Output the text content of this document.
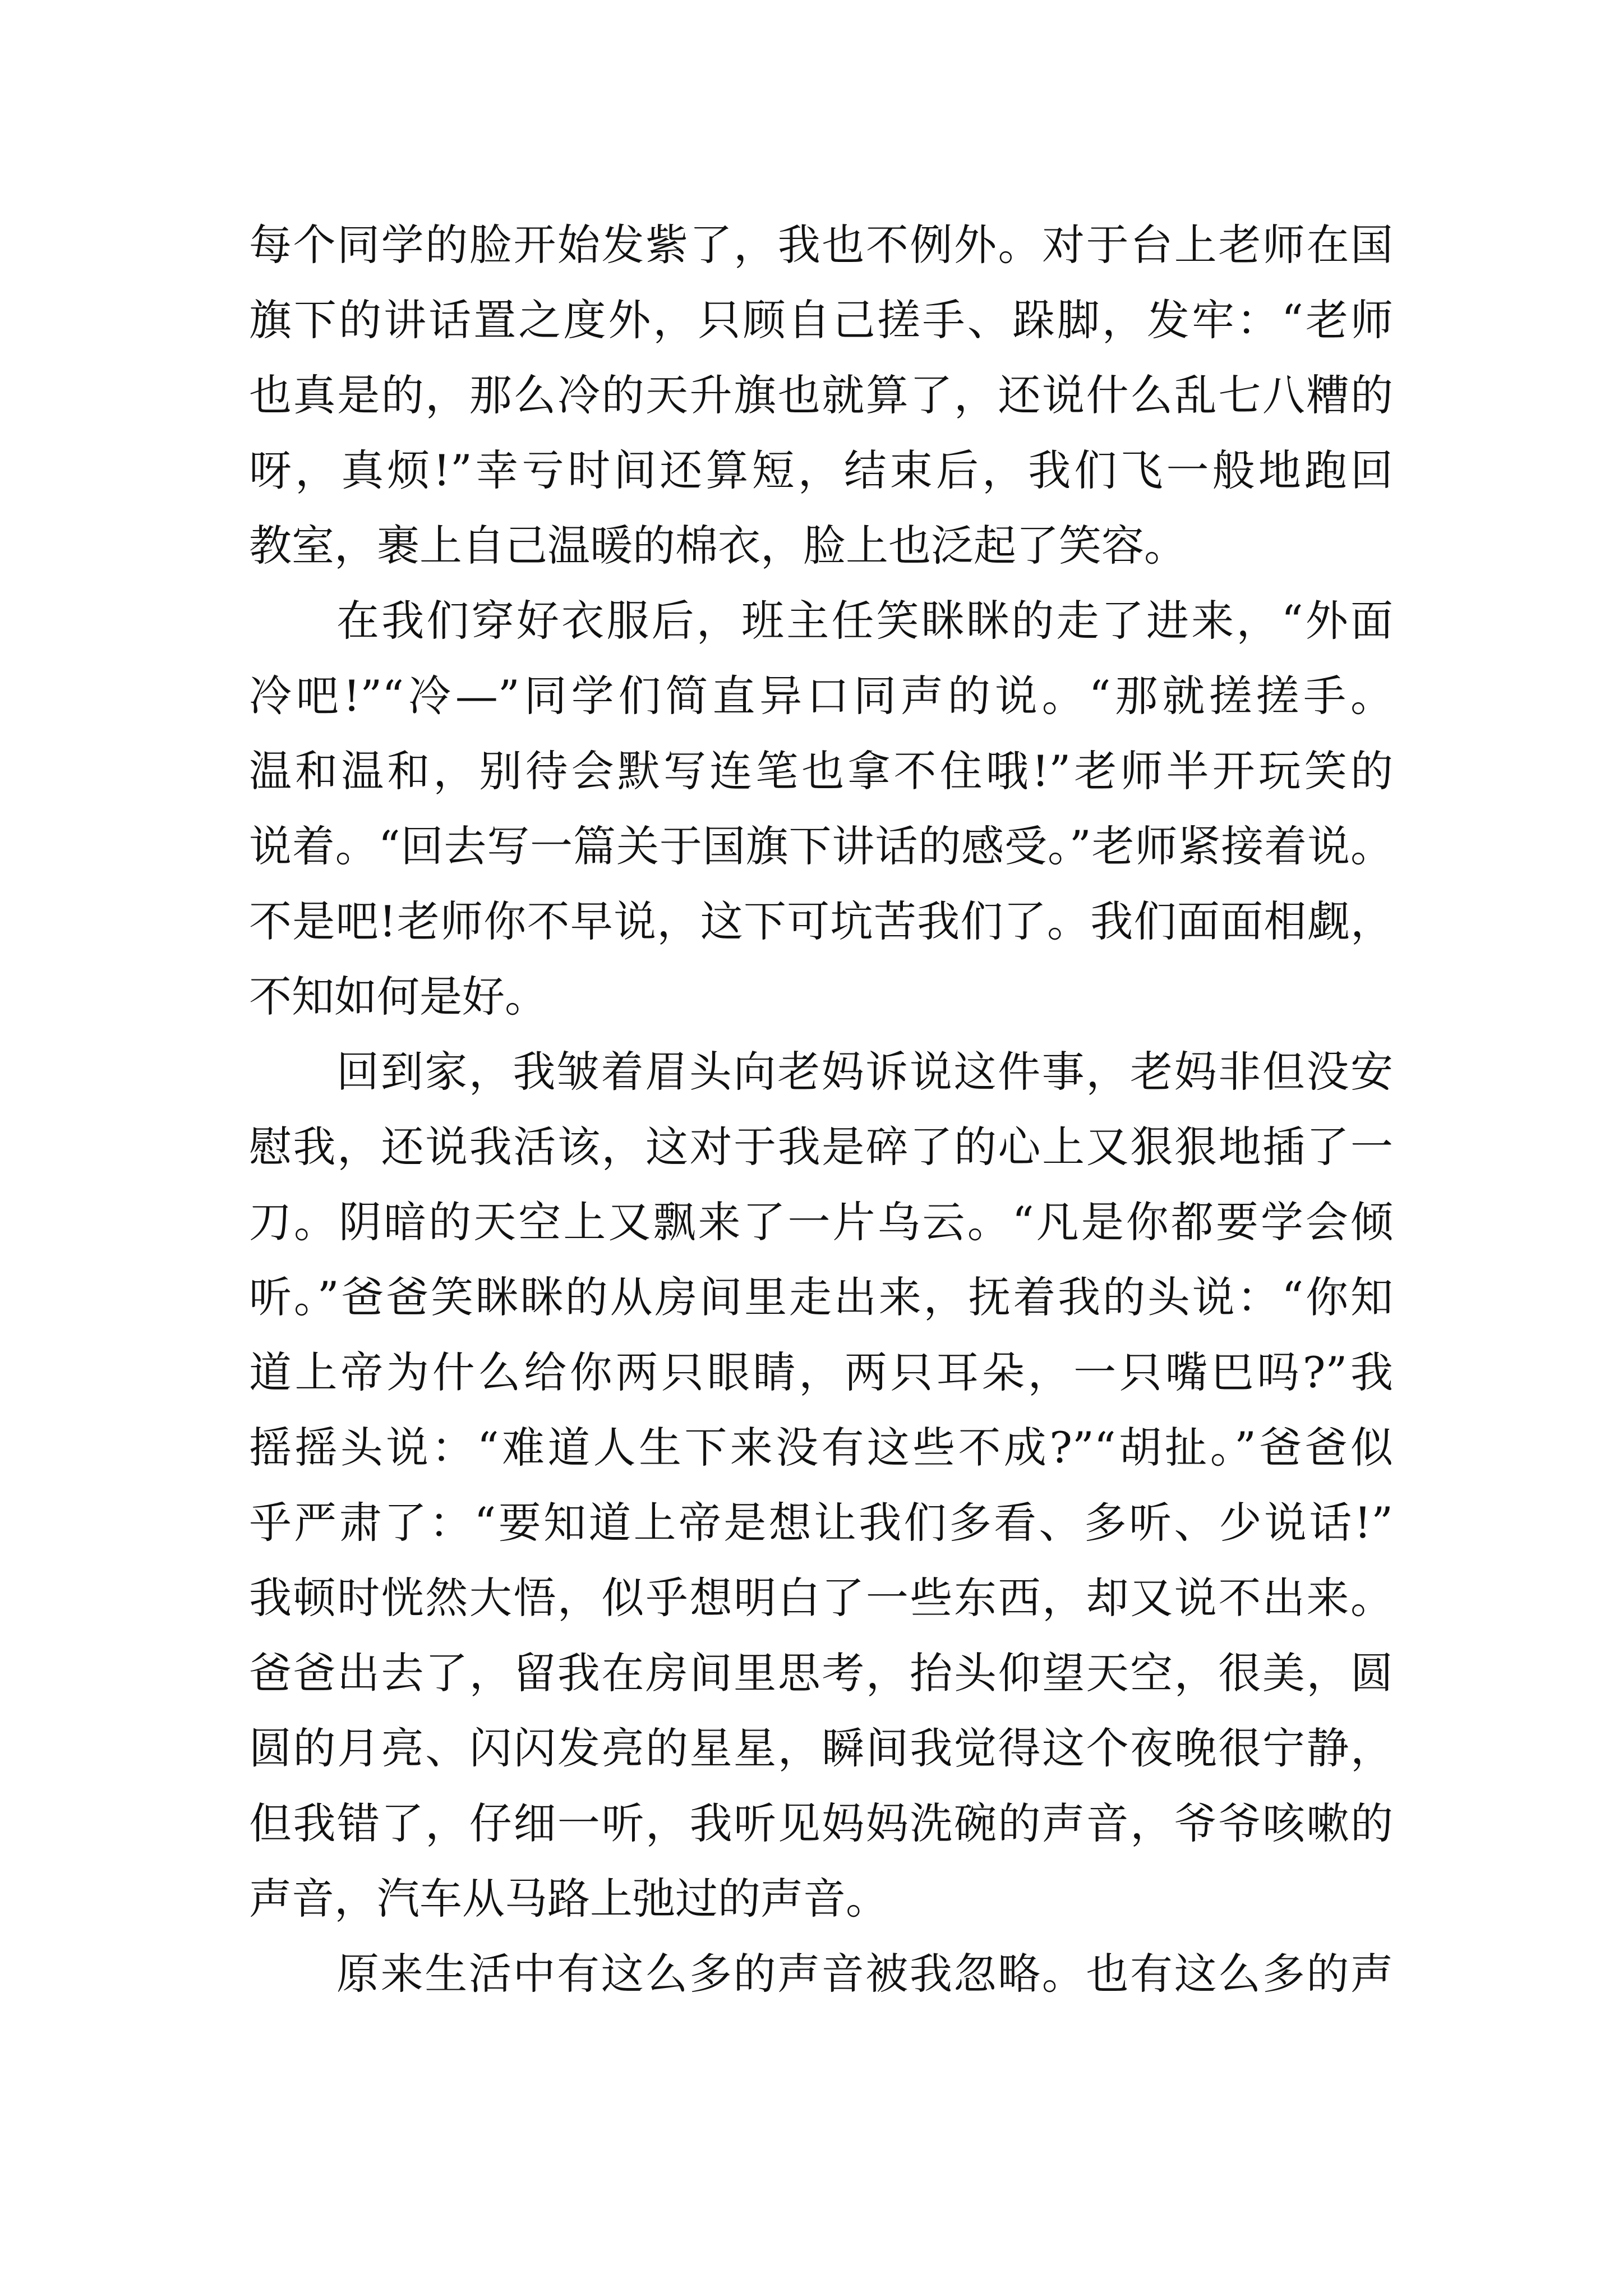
每个同学的脸开始发紫了，我也不例外。对于台上老师在国
旗下的讲话置之度外，只顾自己搓手、跺脚，发牢：“老师
也真是的，那么冷的天升旗也就算了，还说什么乱七八糟的
呀，真烦!”幸亏时间还算短，结束后，我们飞一般地跑回
教室，裹上自己温暖的棉衣，脸上也泛起了笑容。
在我们穿好衣服后，班主任笑眯眯的走了进来，“外面
冷吧!”“冷—”同学们简直异口同声的说。“那就搓搓手。
温和温和，别待会默写连笔也拿不住哦!”老师半开玩笑的
说着。“回去写一篇关于国旗下讲话的感受。”老师紧接着说。
不是吧!老师你不早说，这下可坑苦我们了。我们面面相觑，
不知如何是好。
回到家，我皱着眉头向老妈诉说这件事，老妈非但没安
慰我，还说我活该，这对于我是碎了的心上又狠狠地插了一
刀。阴暗的天空上又飘来了一片乌云。“凡是你都要学会倾
听。”爸爸笑眯眯的从房间里走出来，抚着我的头说：“你知
道上帝为什么给你两只眼睛，两只耳朵，一只嘴巴吗?”我
摇摇头说：“难道人生下来没有这些不成?”“胡扯。”爸爸似
乎严肃了：“要知道上帝是想让我们多看、多听、少说话!”
我顿时恍然大悟，似乎想明白了一些东西，却又说不出来。
爸爸出去了，留我在房间里思考，抬头仰望天空，很美，圆
圆的月亮、闪闪发亮的星星，瞬间我觉得这个夜晚很宁静，
但我错了，仔细一听，我听见妈妈洗碗的声音，爷爷咳嗽的
声音，汽车从马路上弛过的声音。
原来生活中有这么多的声音被我忽略。也有这么多的声
